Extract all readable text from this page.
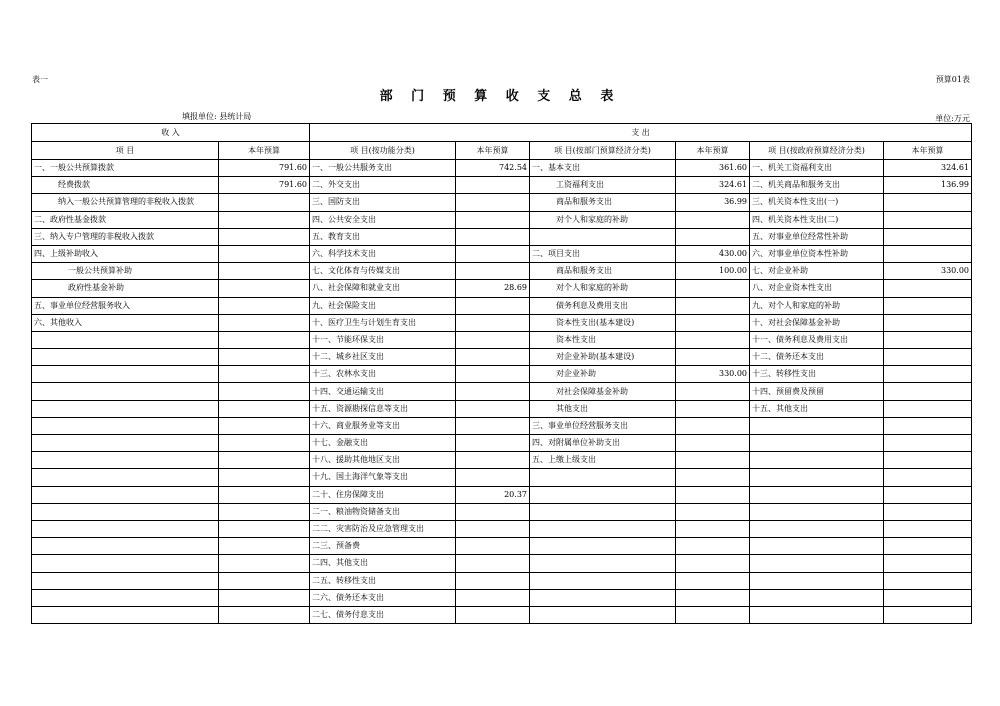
表一	预算01表
部 门 预 算 收 支 总 表
填报单位: 县统计局	单位:万元
收 入		支 出					
项 目	本年预算	项 目(按功能分类)	本年预算	项 目(按部门预算经济分类)	本年预算	项 目(按政府预算经济分类)	本年预算
一、一般公共预算拨款	791.60	一、一般公共服务支出	742.54	一、基本支出	361.60	一、机关工资福利支出	324.61
经费拨款	791.60	二、外交支出		工资福利支出	324.61	二、机关商品和服务支出	136.99
纳入一般公共预算管理的非税收入拨款		三、国防支出		商品和服务支出	36.99	三、机关资本性支出(一)	
二、政府性基金拨款		四、公共安全支出		对个人和家庭的补助		四、机关资本性支出(二)	
三、纳入专户管理的非税收入拨款		五、教育支出				五、对事业单位经常性补助	
四、上级补助收入		六、科学技术支出		二、项目支出	430.00	六、对事业单位资本性补助	
一般公共预算补助		七、文化体育与传媒支出		商品和服务支出	100.00	七、对企业补助	330.00
政府性基金补助		八、社会保障和就业支出	28.69	对个人和家庭的补助		八、对企业资本性支出	
五、事业单位经营服务收入		九、社会保险支出		债务利息及费用支出		九、对个人和家庭的补助	
六、其他收入		十、医疗卫生与计划生育支出		资本性支出(基本建设)		十、对社会保障基金补助	
		十一、节能环保支出		资本性支出		十一、债务利息及费用支出	
		十二、城乡社区支出		对企业补助(基本建设)		十二、债务还本支出	
		十三、农林水支出		对企业补助	330.00	十三、转移性支出	
		十四、交通运输支出		对社会保障基金补助		十四、预留费及预留	
		十五、资源勘探信息等支出		其他支出		十五、其他支出	
		十六、商业服务业等支出		三、事业单位经营服务支出			
		十七、金融支出		四、对附属单位补助支出			
		十八、援助其他地区支出		五、上缴上级支出			
		十九、国土海洋气象等支出					
		二十、住房保障支出	20.37				
		二一、粮油物资储备支出					
		二二、灾害防治及应急管理支出					
		二三、预备费					
		二四、其他支出					
		二五、转移性支出					
		二六、债务还本支出					
		二七、债务付息支出					
